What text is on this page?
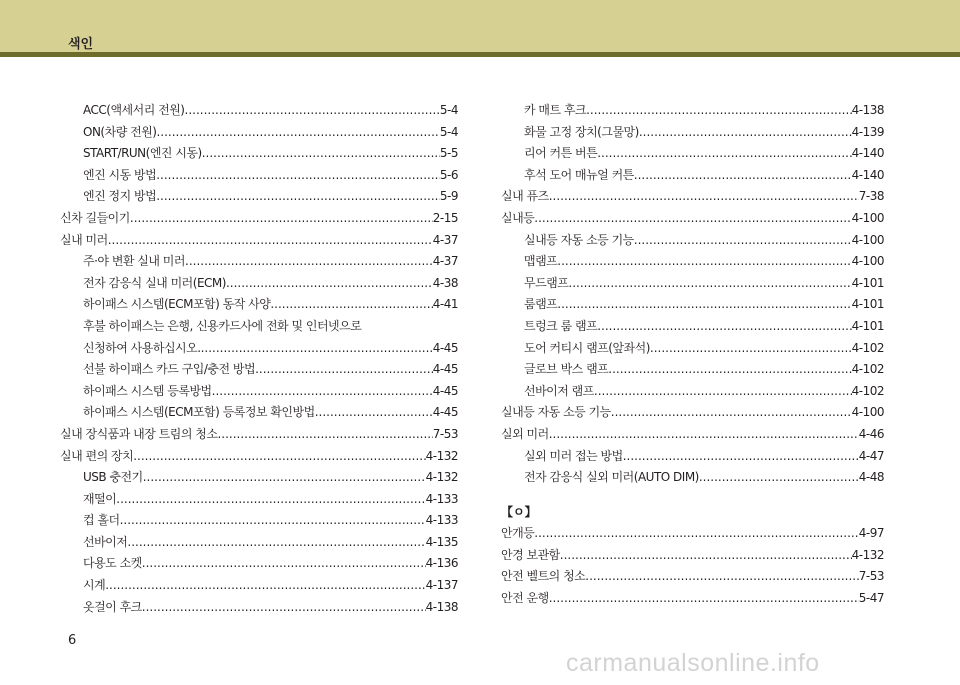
색인
ACC(액세서리 전원) .....	5-4
ON(차량 전원) .....	5-4
START/RUN(엔진 시동) .....	5-5
엔진 시동 방법 .....	5-6
엔진 정지 방법 .....	5-9
신차 길들이기 .....	2-15
실내 미러 .....	4-37
주·야 변환 실내 미러 .....	4-37
전자 감응식 실내 미러(ECM) .....	4-38
하이패스 시스템(ECM포함) 동작 사양 .....	4-41
후불 하이패스는 은행, 신용카드사에 전화 및 인터넷으로
신청하여 사용하십시오. .....	4-45
선불 하이패스 카드 구입/충전 방법 .....	4-45
하이패스 시스템 등록방법 .....	4-45
하이패스 시스템(ECM포함) 등록정보 확인방법 .....	4-45
실내 장식품과 내장 트림의 청소 .....	7-53
실내 편의 장치 .....	4-132
USB 충전기 .....	4-132
재떨이 .....	4-133
컵 홀더 .....	4-133
선바이저 .....	4-135
다용도 소켓 .....	4-136
시계 .....	4-137
옷걸이 후크 .....	4-138
카 매트 후크 .....	4-138
화물 고정 장치(그물망) .....	4-139
리어 커튼 버튼 .....	4-140
후석 도어 매뉴얼 커튼 .....	4-140
실내 퓨즈 .....	7-38
실내등 .....	4-100
실내등 자동 소등 기능 .....	4-100
맵램프 .....	4-100
무드램프 .....	4-101
룸램프 .....	4-101
트렁크 룸 램프 .....	4-101
도어 커티시 램프(앞좌석) .....	4-102
글로브 박스 램프 .....	4-102
선바이저 램프 .....	4-102
실내등 자동 소등 기능 .....	4-100
실외 미러 .....	4-46
실외 미러 접는 방법 .....	4-47
전자 감응식 실외 미러(AUTO DIM) .....	4-48
【ㅇ】
안개등 .....	4-97
안경 보관함 .....	4-132
안전 벨트의 청소 .....	7-53
안전 운행 .....	5-47
6
carmanualsonline.info
